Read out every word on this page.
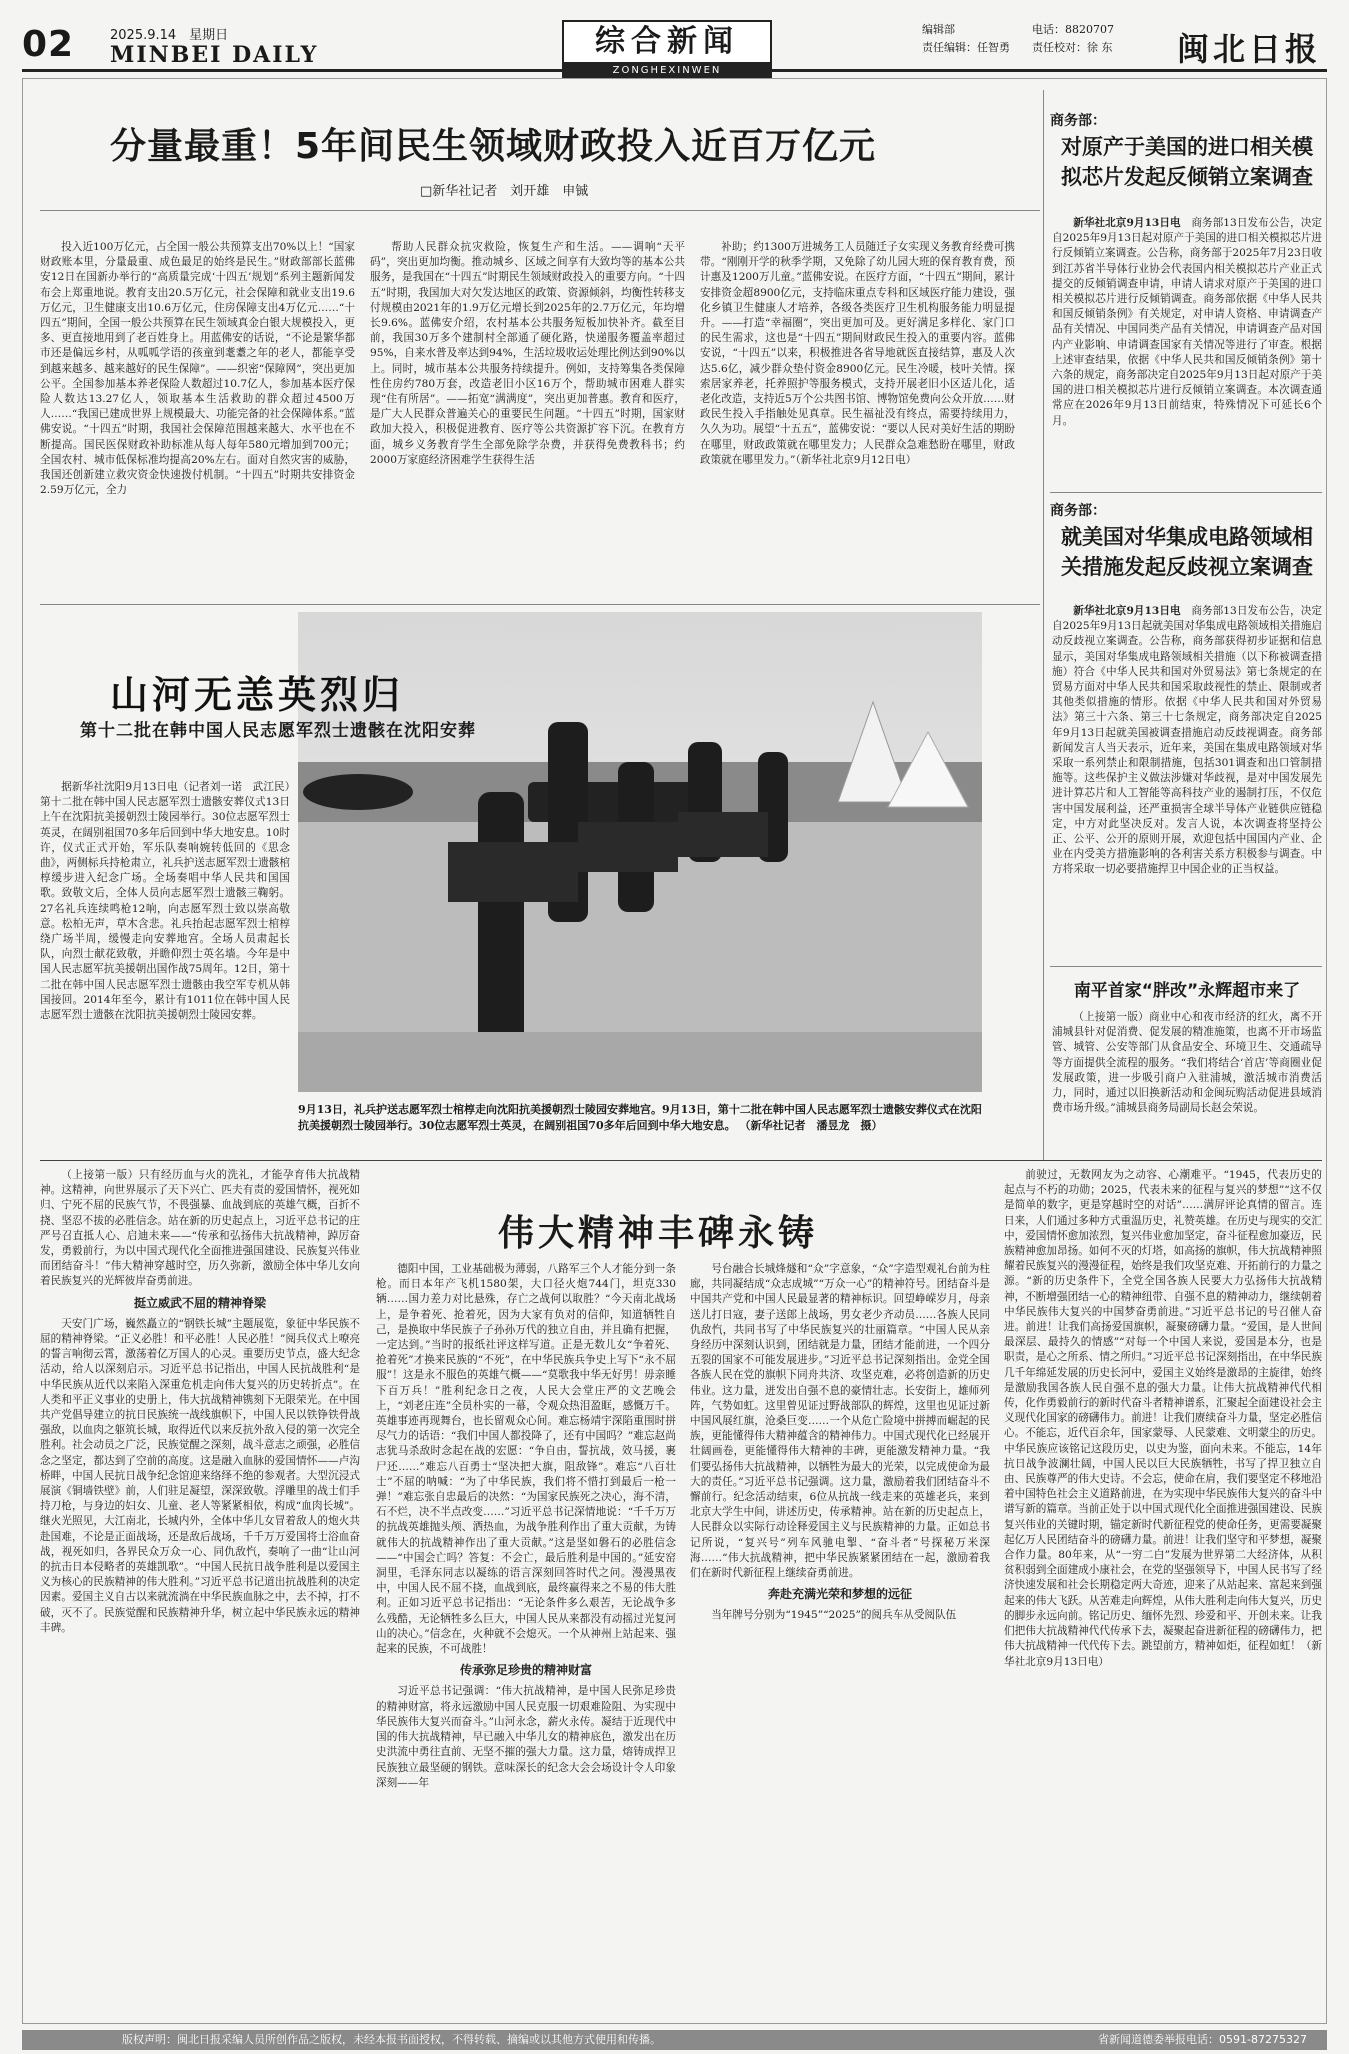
02	2025.9.14　星期日
MINBEI DAILY	综合新闻
ZONGHEXINWEN
编辑部	电话：8820707
责任编辑：任智勇 责任校对：徐 东 闽北日报
分量最重！5年间民生领域财政投入近百万亿元
□新华社记者　刘开雄　申铖

投入近100万亿元，占全国一般公共预算支出70%以上！“国家财政账本里，分量最重、成色最足的始终是民生。”财政部部长蓝佛安12日在国新办举行的“高质量完成‘十四五’规划”系列主题新闻发布会上郑重地说。教育支出20.5万亿元，社会保障和就业支出19.6万亿元，卫生健康支出10.6万亿元，住房保障支出4万亿元……“十四五”期间，全国一般公共预算在民生领域真金白银大规模投入，更多、更直接地用到了老百姓身上。用蓝佛安的话说，“不论是繁华都市还是偏远乡村，从呱呱学语的孩童到耄耋之年的老人，都能享受到越来越多、越来越好的民生保障”。——织密“保障网”，突出更加公平。全国参加基本养老保险人数超过10.7亿人，参加基本医疗保险人数达13.27亿人，领取基本生活救助的群众超过4500万人……“我国已建成世界上规模最大、功能完备的社会保障体系。”蓝佛安说。“十四五”时期，我国社会保障范围越来越大、水平也在不断提高。国民医保财政补助标准从每人每年580元增加到700元；全国农村、城市低保标准均提高20%左右。面对自然灾害的威胁，我国还创新建立救灾资金快速拨付机制。“十四五”时期共安排资金2.59万亿元，全力

帮助人民群众抗灾救险，恢复生产和生活。——调响“天平码”，突出更加均衡。推动城乡、区域之间享有大致均等的基本公共服务，是我国在“十四五”时期民生领域财政投入的重要方向。“十四五”时期，我国加大对欠发达地区的政策、资源倾斜，均衡性转移支付规模由2021年的1.9万亿元增长到2025年的2.7万亿元，年均增长9.6%。蓝佛安介绍，农村基本公共服务短板加快补齐。截至目前，我国30万多个建制村全部通了硬化路，快递服务覆盖率超过95%，自来水普及率达到94%，生活垃圾收运处理比例达到90%以上。同时，城市基本公共服务持续提升。例如，支持筹集各类保障性住房约780万套，改造老旧小区16万个，帮助城市困难人群实现“住有所居”。——拓宽“满满度”，突出更加普惠。教育和医疗，是广大人民群众普遍关心的重要民生问题。“十四五”时期，国家财政加大投入，积极促进教育、医疗等公共资源扩容下沉。在教育方面，城乡义务教育学生全部免除学杂费，并获得免费教科书；约2000万家庭经济困难学生获得生活

补助；约1300万进城务工人员随迁子女实现义务教育经费可携带。“刚刚开学的秋季学期，又免除了幼儿园大班的保育教育费，预计惠及1200万儿童。”蓝佛安说。在医疗方面，“十四五”期间，累计安排资金超8900亿元，支持临床重点专科和区域医疗能力建设，强化乡镇卫生健康人才培养，各级各类医疗卫生机构服务能力明显提升。——打造“幸福圈”，突出更加可及。更好满足多样化、家门口的民生需求，这也是“十四五”期间财政民生投入的重要内容。蓝佛安说，“十四五”以来，积极推进各省导地就医直接结算，惠及人次达5.6亿，减少群众垫付资金8900亿元。民生冷暖，枝叶关情。探索居家养老，托养照护等服务模式，支持开展老旧小区适儿化，适老化改造，支持近5万个公共图书馆、博物馆免费向公众开放……财政民生投入手指触处见真章。民生福祉没有终点，需要持续用力，久久为功。展望“十五五”，蓝佛安说：“要以人民对美好生活的期盼在哪里，财政政策就在哪里发力；人民群众急难愁盼在哪里，财政政策就在哪里发力。”（新华社北京9月12日电）

商务部：
对原产于美国的进口相关模拟芯片发起反倾销立案调查

新华社北京9月13日电　 商务部13日发布公告，决定自2025年9月13日起对原产于美国的进口相关模拟芯片进行反倾销立案调查。公告称，商务部于2025年7月23日收到江苏省半导体行业协会代表国内相关模拟芯片产业正式提交的反倾销调查申请，申请人请求对原产于美国的进口相关模拟芯片进行反倾销调查。商务部依据《中华人民共和国反倾销条例》有关规定，对申请人资格、申请调查产品有关情况、中国同类产品有关情况，申请调查产品对国内产业影响、申请调查国家有关情况等进行了审查。根据上述审查结果，依据《中华人民共和国反倾销条例》第十六条的规定，商务部决定自2025年9月13日起对原产于美国的进口相关模拟芯片进行反倾销立案调查。本次调查通常应在2026年9月13日前结束，特殊情况下可延长6个月。

商务部：
就美国对华集成电路领域相关措施发起反歧视立案调查

新华社北京9月13日电　 商务部13日发布公告，决定自2025年9月13日起就美国对华集成电路领域相关措施启动反歧视立案调查。公告称，商务部获得初步证据和信息显示，美国对华集成电路领域相关措施（以下称被调查措施）符合《中华人民共和国对外贸易法》第七条规定的在贸易方面对中华人民共和国采取歧视性的禁止、限制或者其他类似措施的情形。依据《中华人民共和国对外贸易法》第三十六条、第三十七条规定，商务部决定自2025年9月13日起就美国被调查措施启动反歧视调查。商务部新闻发言人当天表示，近年来，美国在集成电路领域对华采取一系列禁止和限制措施，包括301调查和出口管制措施等。这些保护主义做法涉嫌对华歧视，是对中国发展先进计算芯片和人工智能等高科技产业的遏制打压，不仅危害中国发展利益，还严重损害全球半导体产业链供应链稳定，中方对此坚决反对。发言人说，本次调查将坚持公正、公平、公开的原则开展，欢迎包括中国国内产业、企业在内受美方措施影响的各利害关系方积极参与调查。中方将采取一切必要措施捍卫中国企业的正当权益。

南平首家“胖改”永辉超市来了

（上接第一版）商业中心和夜市经济的红火，离不开浦城县针对促消费、促发展的精准施策，也离不开市场监管、城管、公安等部门从食品安全、环境卫生、交通疏导等方面提供全流程的服务。“我们将结合‘首店’等商圈业促发展政策，进一步吸引商户入驻浦城，激活城市消费活力，同时，通过以旧换新活动和金闽玩购活动促进县域消费市场升级。”浦城县商务局副局长赵会荣说。

山河无恙英烈归
第十二批在韩中国人民志愿军烈士遗骸在沈阳安葬

据新华社沈阳9月13日电（记者刘一诺　武江民）第十二批在韩中国人民志愿军烈士遗骸安葬仪式13日上午在沈阳抗美援朝烈士陵园举行。30位志愿军烈士英灵，在阔别祖国70多年后回到中华大地安息。10时许，仪式正式开始，军乐队奏响婉转低回的《思念曲》，两侧标兵持枪肃立，礼兵护送志愿军烈士遗骸棺椁缓步进入纪念广场。全场奏唱中华人民共和国国歌。致敬文后，全体人员向志愿军烈士遗骸三鞠躬。27名礼兵连续鸣枪12响，向志愿军烈士致以崇高敬意。松柏无声，草木含悲。礼兵抬起志愿军烈士棺椁绕广场半周，缓慢走向安葬地宫。全场人员肃起长队，向烈士献花致敬，并瞻仰烈士英名墙。今年是中国人民志愿军抗美援朝出国作战75周年。12日，第十二批在韩中国人民志愿军烈士遗骸由我空军专机从韩国接回。2014年至今，累计有1011位在韩中国人民志愿军烈士遗骸在沈阳抗美援朝烈士陵园安葬。

9月13日，礼兵护送志愿军烈士棺椁走向沈阳抗美援朝烈士陵园安葬地宫。9月13日，第十二批在韩中国人民志愿军烈士遗骸安葬仪式在沈阳抗美援朝烈士陵园举行。30位志愿军烈士英灵，在阔别祖国70多年后回到中华大地安息。 （新华社记者　潘昱龙　摄）

（上接第一版）只有经历血与火的洗礼，才能孕育伟大抗战精神。这精神，向世界展示了天下兴亡、匹夫有责的爱国情怀，视死如归、宁死不屈的民族气节，不畏强暴、血战到底的英雄气概，百折不挠、坚忍不拔的必胜信念。站在新的历史起点上，习近平总书记的庄严号召直抵人心、启迪未来——“传承和弘扬伟大抗战精神，踔厉奋发，勇毅前行，为以中国式现代化全面推进强国建设、民族复兴伟业而团结奋斗！”伟大精神穿越时空，历久弥新，激励全体中华儿女向着民族复兴的光辉彼岸奋勇前进。

挺立威武不屈的精神脊梁

天安门广场，巍然矗立的“钢铁长城”主题展览，象征中华民族不屈的精神脊梁。“正义必胜！和平必胜！人民必胜！”阅兵仪式上嘹亮的誓言响彻云霄，激荡着亿万国人的心灵。重要历史节点，盛大纪念活动，给人以深刻启示。习近平总书记指出，中国人民抗战胜利“是中华民族从近代以来陷入深重危机走向伟大复兴的历史转折点”。在人类和平正义事业的史册上，伟大抗战精神镌刻下无限荣光。在中国共产党倡导建立的抗日民族统一战线旗帜下，中国人民以铁铮铁骨战强敌，以血肉之躯筑长城，取得近代以来反抗外敌入侵的第一次完全胜利。社会动员之广泛，民族觉醒之深刻，战斗意志之顽强，必胜信念之坚定，都达到了空前的高度。这是融入血脉的爱国情怀——卢沟桥畔，中国人民抗日战争纪念馆迎来络绎不绝的参观者。大型沉浸式展演《铜墙铁壁》前，人们驻足凝望，深深致敬。浮雕里的战士们手持刀枪，与身边的妇女、儿童、老人等紧紧相依，构成“血肉长城”。继火光照见，大江南北，长城内外，全体中华儿女冒着敌人的炮火共赴国难，不论是正面战场，还是敌后战场，千千万万爱国将士浴血奋战，视死如归，各界民众万众一心、同仇敌忾，奏响了一曲“让山河的抗击日本侵略者的英雄凯歌”。“中国人民抗日战争胜利是以爱国主义为核心的民族精神的伟大胜利。”习近平总书记道出抗战胜利的决定因素。爱国主义自古以来就流淌在中华民族血脉之中，去不掉，打不破，灭不了。民族觉醒和民族精神升华，树立起中华民族永远的精神丰碑。

伟大精神丰碑永铸

德阳中国，工业基础极为薄弱，八路军三个人才能分到一条枪。而日本年产飞机1580架，大口径火炮744门，坦克330辆……国力差力对比悬殊，存亡之战何以取胜？“今天南北战场上，是争着死、抢着死，因为大家有负对的信仰，知道牺牲自己，是换取中华民族子子孙孙万代的独立自由，并且确有把握，一定达到。”当时的报纸社评这样写道。正是无数儿女“争着死、抢着死”才换来民族的“不死”，在中华民族兵争史上写下“永不屈服”！这是永不服色的英雄气概——“莫歌我中华无好男！毋亲睡下百万兵！”胜利纪念日之夜，人民大会堂庄严的文艺晚会上，“刘老庄连”全员朴实的一幕，令观众热泪盈眶，感慨万千。英雄事迹再现舞台，也长留观众心间。难忘杨靖宇深陷重围时拼尽气力的话语：“我们中国人都投降了，还有中国吗？”难忘赵尚志犹马杀敌时念起在战的宏愿：“争自由，誓抗战，效马援，裹尸还……”难忘八百勇士“坚决把大旗，阻敌锋”。难忘“八百壮士”不屈的呐喊：“为了中华民族，我们将不惜打到最后一枪一弹！”难忘张自忠最后的决然：“为国家民族死之决心，海不清，石不烂，决不半点改变……”习近平总书记深情地说：“千千万万的抗战英雄抛头颅、洒热血，为战争胜利作出了重大贡献，为铸就伟大的抗战精神作出了重大贡献。”这是坚如磐石的必胜信念——“中国会亡吗？答复：不会亡，最后胜利是中国的。”延安窑洞里，毛泽东同志以凝练的语言深刻回答时代之问。漫漫黑夜中，中国人民不屈不挠，血战到底，最终赢得来之不易的伟大胜利。正如习近平总书记指出：“无论条件多么艰苦，无论战争多么残酷，无论牺牲多么巨大，中国人民从来都没有动摇过光复河山的决心。”信念在，火种就不会熄灭。一个从神州上站起来、强起来的民族，不可战胜！

传承弥足珍贵的精神财富

习近平总书记强调：“伟大抗战精神，是中国人民弥足珍贵的精神财富，将永远激励中国人民克服一切艰难险阻、为实现中华民族伟大复兴而奋斗。”山河永念，薪火永传。凝结于近现代中国的伟大抗战精神，早已融入中华儿女的精神底色，激发出在历史洪流中勇往直前、无坚不摧的强大力量。这力量，熔铸成捍卫民族独立最坚硬的钢铁。意味深长的纪念大会会场设计令人印象深刻——年

号台融合长城烽燧和“众”字意象，“众”字造型观礼台前为柱廊，共同凝结成“众志成城”“万众一心”的精神符号。团结奋斗是中国共产党和中国人民最显著的精神标识。回望峥嵘岁月，母亲送儿打日寇，妻子送郎上战场，男女老少齐动员……各族人民同仇敌忾，共同书写了中华民族复兴的壮丽篇章。“中国人民从亲身经历中深刻认识到，团结就是力量，团结才能前进，一个四分五裂的国家不可能发展进步。”习近平总书记深刻指出。金党全国各族人民在党的旗帜下同舟共济、攻坚克难，必将创造新的历史伟业。这力量，迸发出自强不息的豪情壮志。长安街上，雄师列阵，气势如虹。这里曾见证过野战部队的辉煌，这里也见证过新中国风展红旗，沧桑巨变……一个从危亡险境中拼搏而崛起的民族，更能懂得伟大精神蕴含的精神伟力。中国式现代化已经展开壮阔画卷，更能懂得伟大精神的丰碑，更能激发精神力量。“我们要弘扬伟大抗战精神，以牺牲为最大的光荣，以完成使命为最大的责任。”习近平总书记强调。这力量，激励着我们团结奋斗不懈前行。纪念活动结束，6位从抗战一线走来的英雄老兵，来到北京大学生中间，讲述历史，传承精神。站在新的历史起点上，人民群众以实际行动诠释爱国主义与民族精神的力量。正如总书记所说，“复兴号”列车风驰电掣、“奋斗者”号探秘万米深海……“伟大抗战精神，把中华民族紧紧团结在一起，激励着我们在新时代新征程上继续奋勇前进。

奔赴充满光荣和梦想的远征

当年牌号分别为“1945”“2025”的阅兵车从受阅队伍

前驶过，无数网友为之动容、心潮难平。“1945，代表历史的起点与不朽的功勋；2025，代表未来的征程与复兴的梦想”“这不仅是简单的数字，更是穿越时空的对话”……满屏评论真情的留言。连日来，人们通过多种方式重温历史，礼赞英雄。在历史与现实的交汇中，爱国情怀愈加浓烈，复兴伟业愈加坚定，奋斗征程愈加豪迈，民族精神愈加昂扬。如何不灭的灯塔，如高扬的旗帜，伟大抗战精神照耀着民族复兴的漫漫征程，始终是我们攻坚克难、开拓前行的力量之源。“新的历史条件下，全党全国各族人民要大力弘扬伟大抗战精神，不断增强团结一心的精神纽带、自强不息的精神动力，继续朝着中华民族伟大复兴的中国梦奋勇前进。”习近平总书记的号召催人奋进。前进！让我们高扬爱国旗帜，凝聚磅礴力量。“爱国，是人世间最深层、最持久的情感”“对每一个中国人来说，爱国是本分，也是职责，是心之所系、情之所归。”习近平总书记深刻指出，在中华民族几千年绵延发展的历史长河中，爱国主义始终是激昂的主旋律，始终是激励我国各族人民自强不息的强大力量。让伟大抗战精神代代相传，化作勇毅前行的新时代奋斗者精神谱系，汇聚起全面建设社会主义现代化国家的磅礴伟力。前进！让我们赓续奋斗力量，坚定必胜信心。不能忘，近代百余年，国家蒙辱、人民蒙难、文明蒙尘的历史。中华民族应该铭记这段历史，以史为鉴，面向未来。不能忘，14年抗日战争波澜壮阔，中国人民以巨大民族牺牲，书写了捍卫独立自由、民族尊严的伟大史诗。不会忘，使命在肩，我们要坚定不移地沿着中国特色社会主义道路前进，在为实现中华民族伟大复兴的奋斗中谱写新的篇章。当前正处于以中国式现代化全面推进强国建设、民族复兴伟业的关键时期，锚定新时代新征程党的使命任务，更需要凝聚起亿万人民团结奋斗的磅礴力量。前进！让我们坚守和平梦想，凝聚合作力量。80年来，从“一穷二白”发展为世界第二大经济体，从积贫积弱到全面建成小康社会，在党的坚强领导下，中国人民书写了经济快速发展和社会长期稳定两大奇迹，迎来了从站起来、富起来到强起来的伟大飞跃。从苦难走向辉煌，从伟大胜利走向伟大复兴，历史的脚步永远向前。铭记历史、缅怀先烈、珍爱和平、开创未来。让我们把伟大抗战精神代代传承下去，凝聚起奋进新征程的磅礴伟力，把伟大抗战精神一代代传下去。跳望前方，精神如炬，征程如虹！（新华社北京9月13日电）

版权声明：闽北日报采编人员所创作品之版权，未经本报书面授权，不得转载、摘编或以其他方式使用和传播。	省新闻道德委举报电话：0591-87275327
